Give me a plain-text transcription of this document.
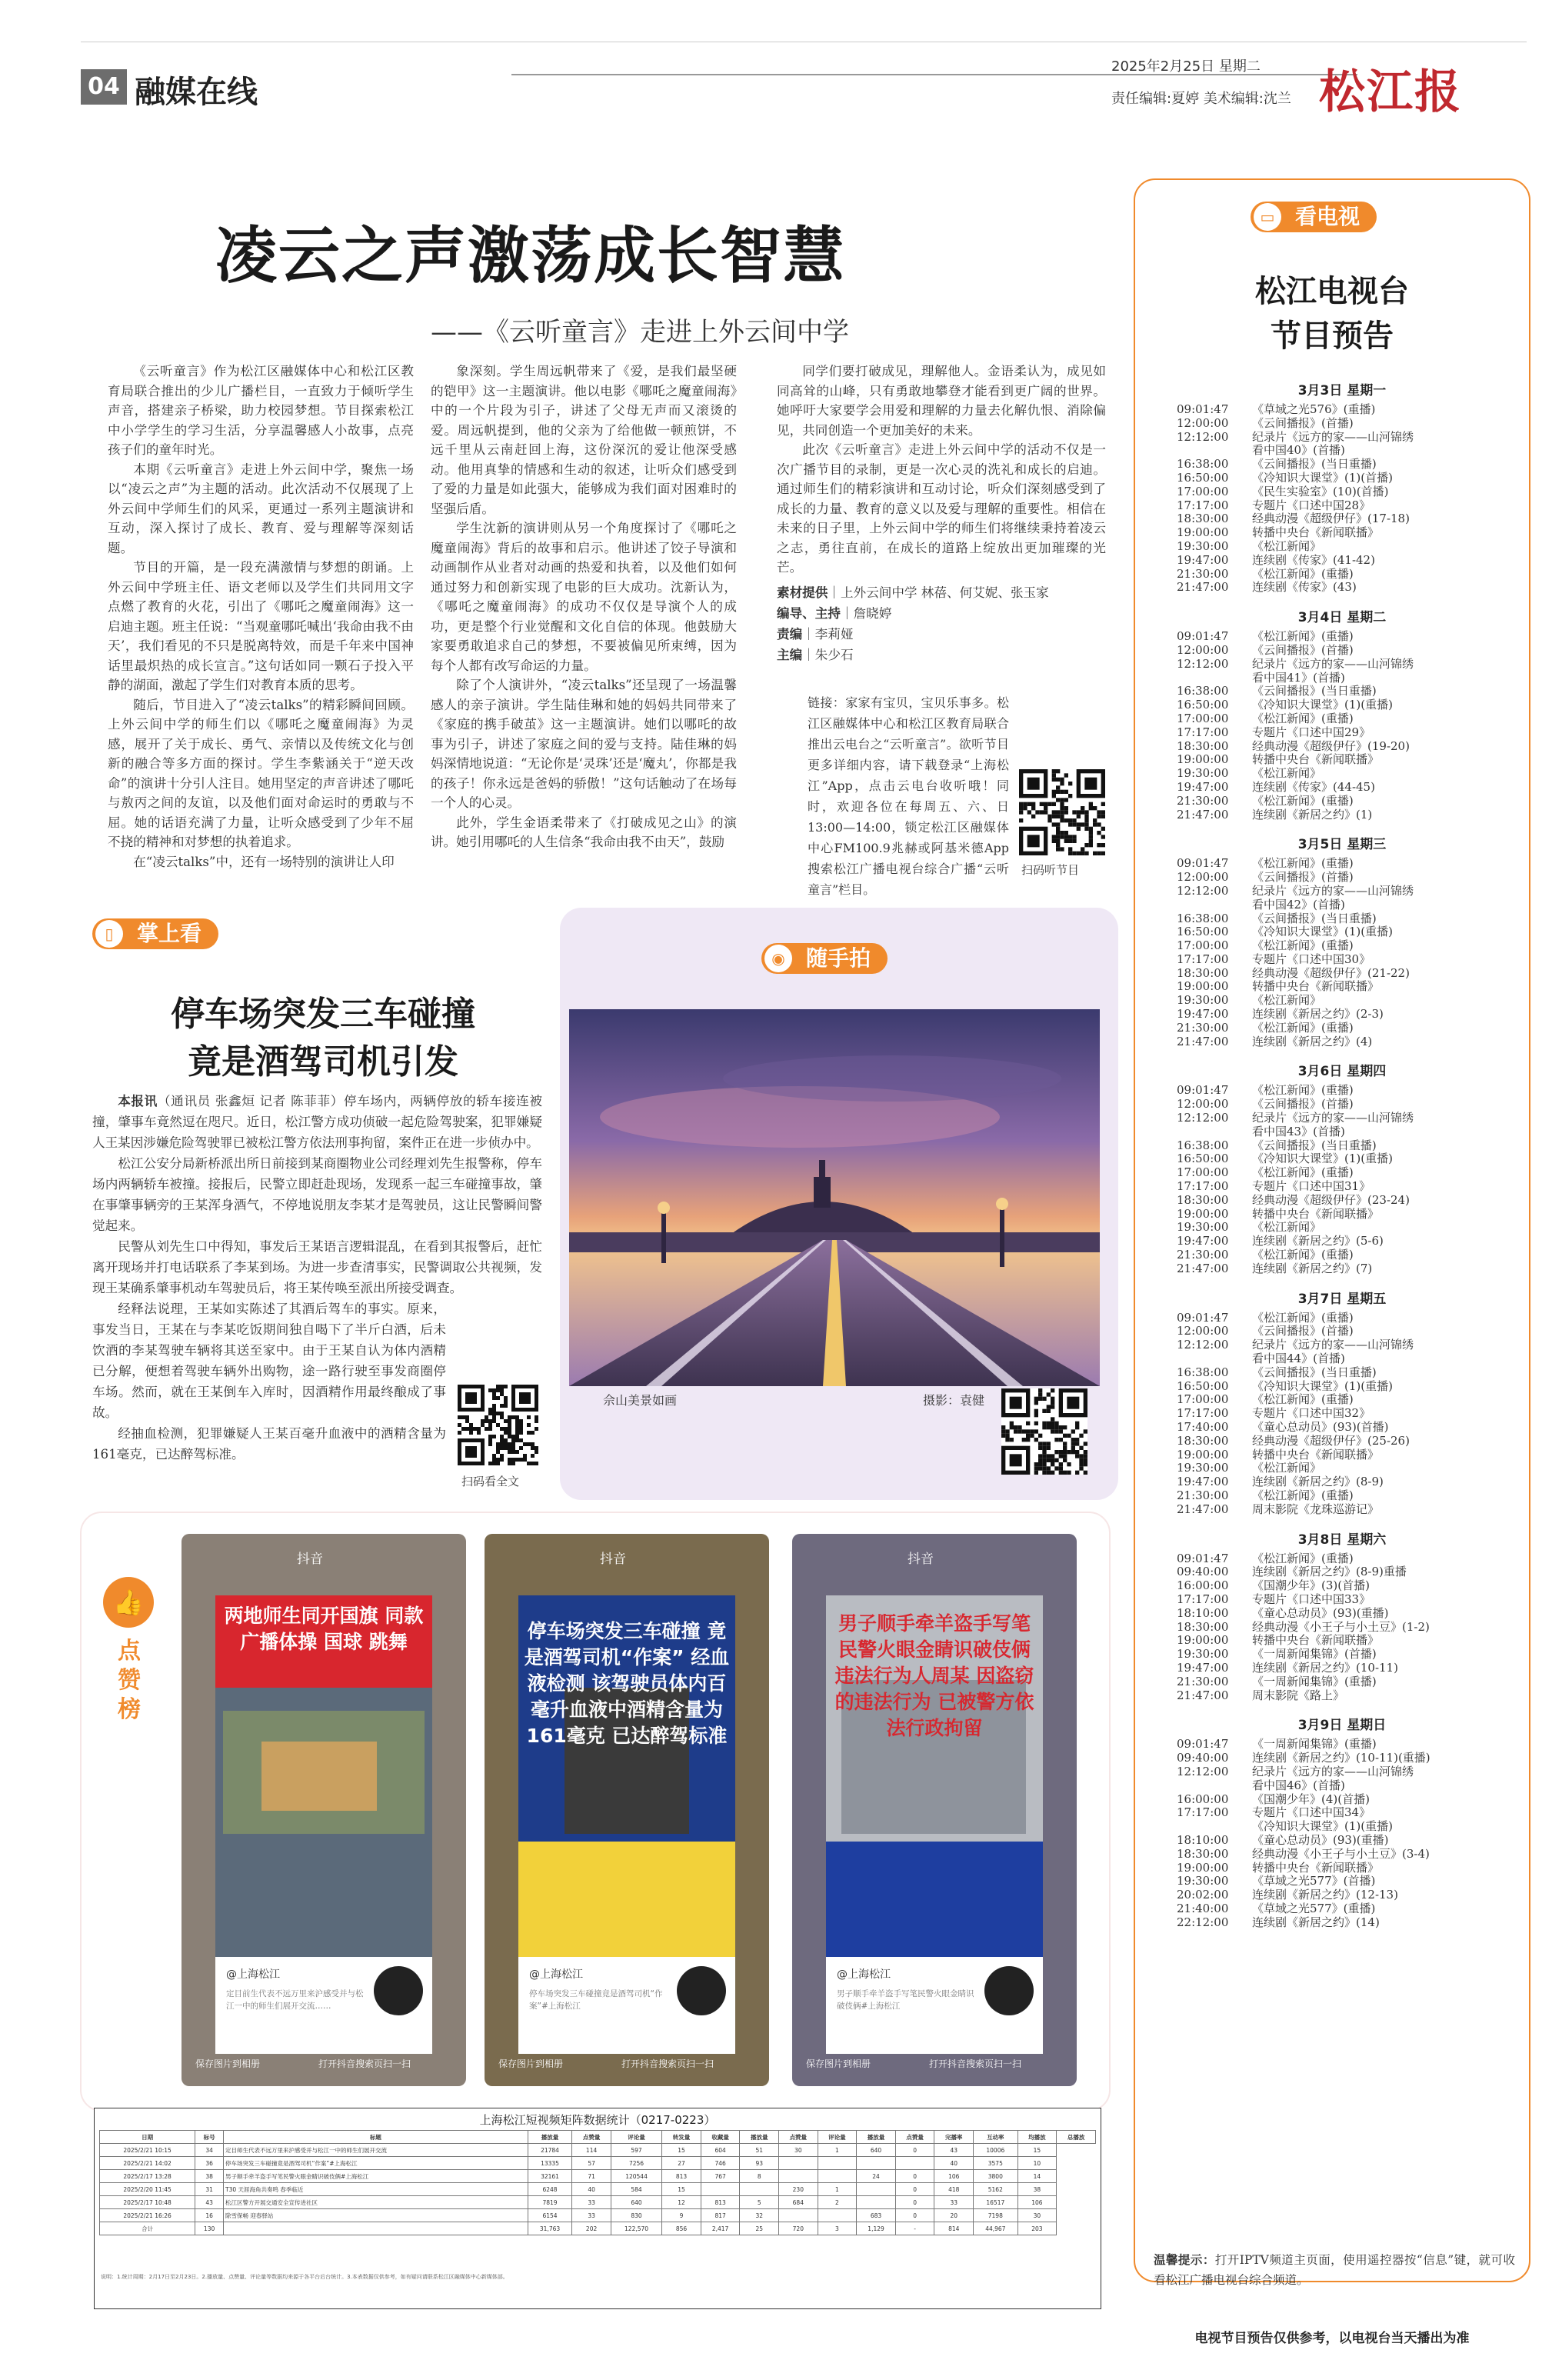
04 融媒在线
2025年2月25日 星期二
责任编辑:夏婷 美术编辑:沈兰 松江报
凌云之声激荡成长智慧
——《云听童言》走进上外云间中学

《云听童言》作为松江区融媒体中心和松江区教育局联合推出的少儿广播栏目，一直致力于倾听学生声音，搭建亲子桥梁，助力校园梦想。节目探索松江中小学学生的学习生活，分享温馨感人小故事，点亮孩子们的童年时光。

本期《云听童言》走进上外云间中学，聚焦一场以“凌云之声”为主题的活动。此次活动不仅展现了上外云间中学师生们的风采，更通过一系列主题演讲和互动，深入探讨了成长、教育、爱与理解等深刻话题。

节目的开篇，是一段充满激情与梦想的朗诵。上外云间中学班主任、语文老师以及学生们共同用文字点燃了教育的火花，引出了《哪吒之魔童闹海》这一启迪主题。班主任说：“当观童哪吒喊出‘我命由我不由天’，我们看见的不只是脱离特效，而是千年来中国神话里最炽热的成长宣言。”这句话如同一颗石子投入平静的湖面，激起了学生们对教育本质的思考。

随后，节目进入了“凌云talks”的精彩瞬间回顾。上外云间中学的师生们以《哪吒之魔童闹海》为灵感，展开了关于成长、勇气、亲情以及传统文化与创新的融合等多方面的探讨。学生李紫涵关于“逆天改命”的演讲十分引人注目。她用坚定的声音讲述了哪吒与敖丙之间的友谊，以及他们面对命运时的勇敢与不屈。她的话语充满了力量，让听众感受到了少年不屈不挠的精神和对梦想的执着追求。

在“凌云talks”中，还有一场特别的演讲让人印

象深刻。学生周远帆带来了《爱，是我们最坚硬的铠甲》这一主题演讲。他以电影《哪吒之魔童闹海》中的一个片段为引子，讲述了父母无声而又滚烫的爱。周远帆提到，他的父亲为了给他做一顿煎饼，不远千里从云南赶回上海，这份深沉的爱让他深受感动。他用真挚的情感和生动的叙述，让听众们感受到了爱的力量是如此强大，能够成为我们面对困难时的坚强后盾。

学生沈新的演讲则从另一个角度探讨了《哪吒之魔童闹海》背后的故事和启示。他讲述了饺子导演和动画制作从业者对动画的热爱和执着，以及他们如何通过努力和创新实现了电影的巨大成功。沈新认为，《哪吒之魔童闹海》的成功不仅仅是导演个人的成功，更是整个行业觉醒和文化自信的体现。他鼓励大家要勇敢追求自己的梦想，不要被偏见所束缚，因为每个人都有改写命运的力量。

除了个人演讲外，“凌云talks”还呈现了一场温馨感人的亲子演讲。学生陆佳琳和她的妈妈共同带来了《家庭的携手破茧》这一主题演讲。她们以哪吒的故事为引子，讲述了家庭之间的爱与支持。陆佳琳的妈妈深情地说道：“无论你是‘灵珠’还是‘魔丸’，你都是我的孩子！你永远是爸妈的骄傲！”这句话触动了在场每一个人的心灵。

此外，学生金语柔带来了《打破成见之山》的演讲。她引用哪吒的人生信条“我命由我不由天”，鼓励

同学们要打破成见，理解他人。金语柔认为，成见如同高耸的山峰，只有勇敢地攀登才能看到更广阔的世界。她呼吁大家要学会用爱和理解的力量去化解仇恨、消除偏见，共同创造一个更加美好的未来。

此次《云听童言》走进上外云间中学的活动不仅是一次广播节目的录制，更是一次心灵的洗礼和成长的启迪。通过师生们的精彩演讲和互动讨论，听众们深刻感受到了成长的力量、教育的意义以及爱与理解的重要性。相信在未来的日子里，上外云间中学的师生们将继续秉持着凌云之志，勇往直前，在成长的道路上绽放出更加璀璨的光芒。

素材提供｜上外云间中学 林蓓、何艾妮、张玉家
编导、主持｜詹晓婷
责编｜李莉娅
主编｜朱少石
链接：家家有宝贝，宝贝乐事多。松江区融媒体中心和松江区教育局联合推出云电台之“云听童言”。欲听节目更多详细内容，请下载登录“上海松江”App，点击云电台收听哦！同时，欢迎各位在每周五、六、日13:00—14:00，锁定松江区融媒体中心FM100.9兆赫或阿基米德App搜索松江广播电视台综合广播“云听童言”栏目。
扫码听节目
▯	掌上看
停车场突发三车碰撞
竟是酒驾司机引发

本报讯（通讯员 张鑫烜 记者 陈菲菲）停车场内，两辆停放的轿车接连被撞，肇事车竟然逗在咫尺。近日，松江警方成功侦破一起危险驾驶案，犯罪嫌疑人王某因涉嫌危险驾驶罪已被松江警方依法刑事拘留，案件正在进一步侦办中。

松江公安分局新桥派出所日前接到某商圈物业公司经理刘先生报警称，停车场内两辆轿车被撞。接报后，民警立即赶赴现场，发现系一起三车碰撞事故，肇在事肇事辆旁的王某浑身酒气，不停地说朋友李某才是驾驶员，这让民警瞬间警觉起来。

民警从刘先生口中得知，事发后王某语言逻辑混乱，在看到其报警后，赶忙离开现场并打电话联系了李某到场。为进一步查清事实，民警调取公共视频，发现王某确系肇事机动车驾驶员后，将王某传唤至派出所接受调查。

经释法说理，王某如实陈述了其酒后驾车的事实。原来，事发当日，王某在与李某吃饭期间独自喝下了半斤白酒，后未饮酒的李某驾驶车辆将其送至家中。由于王某自认为体内酒精已分解，便想着驾驶车辆外出购物，途一路行驶至事发商圈停车场。然而，就在王某倒车入库时，因酒精作用最终酿成了事故。

经抽血检测，犯罪嫌疑人王某百毫升血液中的酒精含量为161毫克，已达醉驾标准。

扫码看全文
◉ 随手拍
佘山美景如画	摄影：袁健
👍
点赞榜
抖音
两地师生同开国旗 同款广播体操 国球 跳舞
@上海松江
定目前生代表不远万里来沪感受并与松江一中的师生们展开交流……
保存图片到相册	打开抖音搜索页扫一扫
抖音
停车场突发三车碰撞 竟是酒驾司机“作案” 经血液检测 该驾驶员体内百毫升血液中酒精含量为161毫克 已达醉驾标准
@上海松江
停车场突发三车碰撞竟是酒驾司机“作案”#上海松江
保存图片到相册	打开抖音搜索页扫一扫
抖音
男子顺手牵羊盗手写笔 民警火眼金睛识破伎俩 违法行为人周某 因盗窃的违法行为 已被警方依法行政拘留
@上海松江
男子顺手牵羊盗手写笔民警火眼金睛识破伎俩#上海松江
保存图片到相册	打开抖音搜索页扫一扫
上海松江短视频矩阵数据统计（0217-0223）
日期	标号	标题	播放量	点赞量	评论量	转发量	收藏量	播放量	点赞量	评论量	播放量	点赞量	完播率	互动率	均播放	总播放
2025/2/21 10:15	34	定目师生代表不远万里来沪感受并与松江一中的师生们展开交流	21784	114	597	15	604	51	30	1	640	0	43	10006	15	
2025/2/21 14:02	36	停车场突发三车碰撞竟是酒驾司机“作案”#上海松江	13335	57	7256	27	746	93					40	3575	10	
2025/2/17 13:28	38	男子顺手牵羊盗手写笔民警火眼金睛识破伎俩#上海松江	32161	71	120544	813	767	8			24	0	106	3800	14	
2025/2/20 11:45	31	T30 天涯海角共奏鸣 春季临近	6248	40	584	15			230	1		0	418	5162	38	
2025/2/17 10:48	43	松江区警方开展交通安全宣传进社区	7819	33	640	12	813	5	684	2		0	33	16517	106	
2025/2/21 16:26	16	除雪保畅 迎春驿站	6154	33	830	9	817	32			683	0	20	7198	30	
合计	130		31,763	202	122,570	856	2,417	25	720	3	1,129	-	814	44,967	203	
说明：1.统计周期：2月17日至2月23日。2.播放量、点赞量、评论量等数据均来源于各平台后台统计。3.本表数据仅供参考，如有疑问请联系松江区融媒体中心新媒体部。
▭ 看电视
松江电视台
节目预告
3月3日 星期一
09:01:47	《草域之光576》(重播)
12:00:00	《云间播报》(首播)
12:12:00	纪录片《远方的家——山河锦绣
看中国40》(首播)
16:38:00	《云间播报》(当日重播)
16:50:00	《冷知识大课堂》(1)(首播)
17:00:00	《民生实验室》(10)(首播)
17:17:00	专题片《口述中国28》
18:30:00	经典动漫《超级伊仔》(17-18)
19:00:00	转播中央台《新闻联播》
19:30:00	《松江新闻》
19:47:00	连续剧《传家》(41-42)
21:30:00	《松江新闻》(重播)
21:47:00	连续剧《传家》(43)
3月4日 星期二
09:01:47	《松江新闻》(重播)
12:00:00	《云间播报》(首播)
12:12:00	纪录片《远方的家——山河锦绣
看中国41》(首播)
16:38:00	《云间播报》(当日重播)
16:50:00	《冷知识大课堂》(1)(重播)
17:00:00	《松江新闻》(重播)
17:17:00	专题片《口述中国29》
18:30:00	经典动漫《超级伊仔》(19-20)
19:00:00	转播中央台《新闻联播》
19:30:00	《松江新闻》
19:47:00	连续剧《传家》(44-45)
21:30:00	《松江新闻》(重播)
21:47:00	连续剧《新居之约》(1)
3月5日 星期三
09:01:47	《松江新闻》(重播)
12:00:00	《云间播报》(首播)
12:12:00	纪录片《远方的家——山河锦绣
看中国42》(首播)
16:38:00	《云间播报》(当日重播)
16:50:00	《冷知识大课堂》(1)(重播)
17:00:00	《松江新闻》(重播)
17:17:00	专题片《口述中国30》
18:30:00	经典动漫《超级伊仔》(21-22)
19:00:00	转播中央台《新闻联播》
19:30:00	《松江新闻》
19:47:00	连续剧《新居之约》(2-3)
21:30:00	《松江新闻》(重播)
21:47:00	连续剧《新居之约》(4)
3月6日 星期四
09:01:47	《松江新闻》(重播)
12:00:00	《云间播报》(首播)
12:12:00	纪录片《远方的家——山河锦绣
看中国43》(首播)
16:38:00	《云间播报》(当日重播)
16:50:00	《冷知识大课堂》(1)(重播)
17:00:00	《松江新闻》(重播)
17:17:00	专题片《口述中国31》
18:30:00	经典动漫《超级伊仔》(23-24)
19:00:00	转播中央台《新闻联播》
19:30:00	《松江新闻》
19:47:00	连续剧《新居之约》(5-6)
21:30:00	《松江新闻》(重播)
21:47:00	连续剧《新居之约》(7)
3月7日 星期五
09:01:47	《松江新闻》(重播)
12:00:00	《云间播报》(首播)
12:12:00	纪录片《远方的家——山河锦绣
看中国44》(首播)
16:38:00	《云间播报》(当日重播)
16:50:00	《冷知识大课堂》(1)(重播)
17:00:00	《松江新闻》(重播)
17:17:00	专题片《口述中国32》
17:40:00	《童心总动员》(93)(首播)
18:30:00	经典动漫《超级伊仔》(25-26)
19:00:00	转播中央台《新闻联播》
19:30:00	《松江新闻》
19:47:00	连续剧《新居之约》(8-9)
21:30:00	《松江新闻》(重播)
21:47:00	周末影院《龙珠巡游记》
3月8日 星期六
09:01:47	《松江新闻》(重播)
09:40:00	连续剧《新居之约》(8-9)重播
16:00:00	《国潮少年》(3)(首播)
17:17:00	专题片《口述中国33》
18:10:00	《童心总动员》(93)(重播)
18:30:00	经典动漫《小王子与小土豆》(1-2)
19:00:00	转播中央台《新闻联播》
19:30:00	《一周新闻集锦》(首播)
19:47:00	连续剧《新居之约》(10-11)
21:30:00	《一周新闻集锦》(重播)
21:47:00	周末影院《路上》
3月9日 星期日
09:01:47	《一周新闻集锦》(重播)
09:40:00	连续剧《新居之约》(10-11)(重播)
12:12:00	纪录片《远方的家——山河锦绣
看中国46》(首播)
16:00:00	《国潮少年》(4)(首播)
17:17:00	专题片《口述中国34》
《冷知识大课堂》(1)(重播)
18:10:00	《童心总动员》(93)(重播)
18:30:00	经典动漫《小王子与小土豆》(3-4)
19:00:00	转播中央台《新闻联播》
19:30:00	《草域之光577》(首播)
20:02:00	连续剧《新居之约》(12-13)
21:40:00	《草域之光577》(重播)
22:12:00	连续剧《新居之约》(14)
温馨提示：打开IPTV频道主页面，使用遥控器按“信息”键，就可收看松江广播电视台综合频道。
电视节目预告仅供参考，以电视台当天播出为准
